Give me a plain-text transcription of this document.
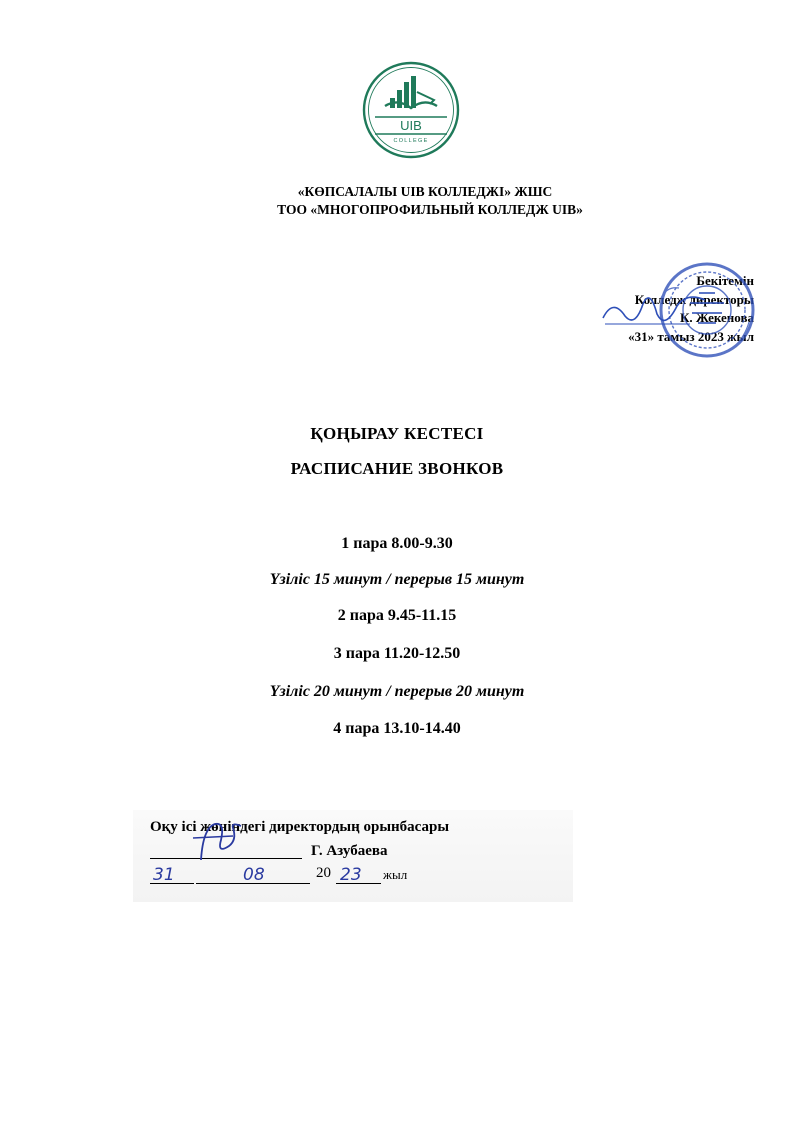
UIB
COLLEGE
«КӨПСАЛАЛЫ UIB КОЛЛЕДЖІ» ЖШС
ТОО «МНОГОПРОФИЛЬНЫЙ КОЛЛЕДЖ UIB»
Бекітемін
Колледж директоры
К. Жекенова
«31» тамыз 2023 жыл
ҚОҢЫРАУ КЕСТЕСІ
РАСПИСАНИЕ ЗВОНКОВ
1 пара 8.00-9.30
Үзіліс 15 минут / перерыв 15 минут
2 пара 9.45-11.15
3 пара 11.20-12.50
Үзіліс 20 минут / перерыв 20 минут
4 пара 13.10-14.40
Оқу ісі жөніндегі директордың орынбасары
Г. Азубаева
20	жыл
31	08	23
